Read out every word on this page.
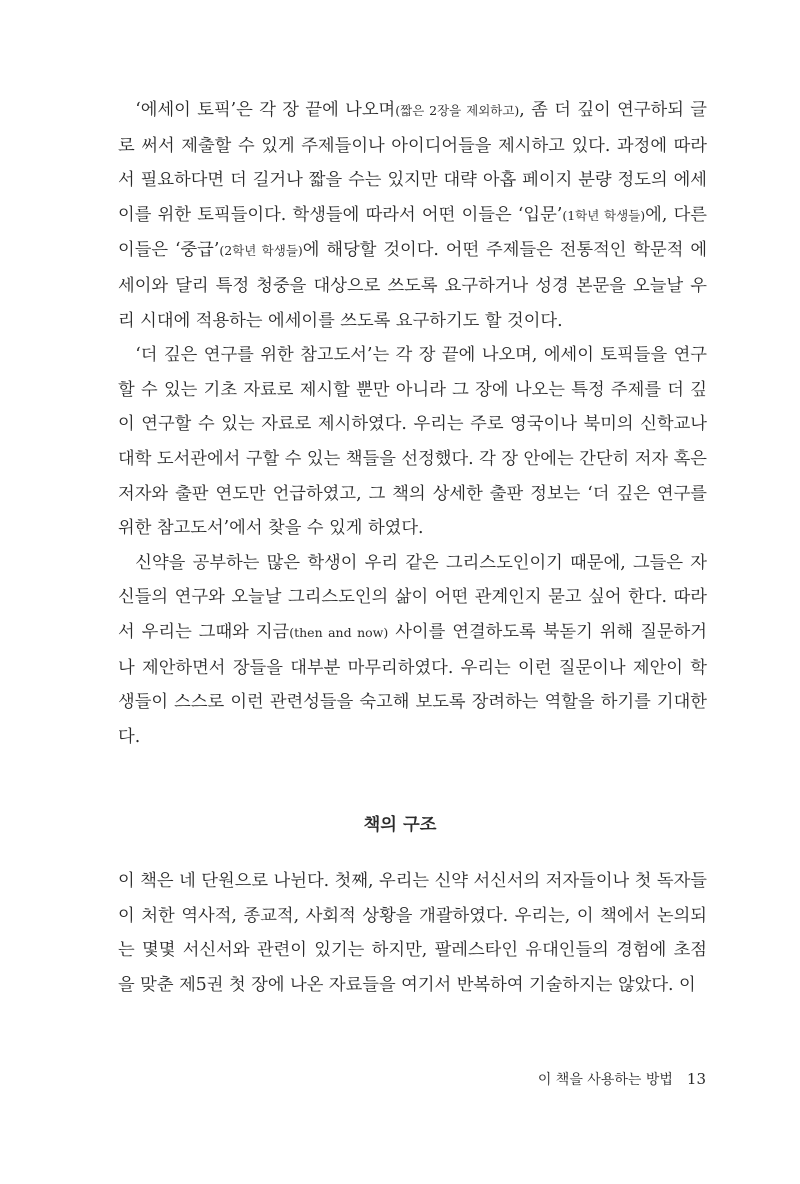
‘에세이 토픽’은 각 장 끝에 나오며(짧은 2장을 제외하고), 좀 더 깊이 연구하되 글로 써서 제출할 수 있게 주제들이나 아이디어들을 제시하고 있다. 과정에 따라서 필요하다면 더 길거나 짧을 수는 있지만 대략 아홉 페이지 분량 정도의 에세이를 위한 토픽들이다. 학생들에 따라서 어떤 이들은 ‘입문’(1학년 학생들)에, 다른 이들은 ‘중급’(2학년 학생들)에 해당할 것이다. 어떤 주제들은 전통적인 학문적 에세이와 달리 특정 청중을 대상으로 쓰도록 요구하거나 성경 본문을 오늘날 우리 시대에 적용하는 에세이를 쓰도록 요구하기도 할 것이다.

‘더 깊은 연구를 위한 참고도서’는 각 장 끝에 나오며, 에세이 토픽들을 연구할 수 있는 기초 자료로 제시할 뿐만 아니라 그 장에 나오는 특정 주제를 더 깊이 연구할 수 있는 자료로 제시하였다. 우리는 주로 영국이나 북미의 신학교나 대학 도서관에서 구할 수 있는 책들을 선정했다. 각 장 안에는 간단히 저자 혹은 저자와 출판 연도만 언급하였고, 그 책의 상세한 출판 정보는 ‘더 깊은 연구를 위한 참고도서’에서 찾을 수 있게 하였다.

신약을 공부하는 많은 학생이 우리 같은 그리스도인이기 때문에, 그들은 자신들의 연구와 오늘날 그리스도인의 삶이 어떤 관계인지 묻고 싶어 한다. 따라서 우리는 그때와 지금(then and now) 사이를 연결하도록 북돋기 위해 질문하거나 제안하면서 장들을 대부분 마무리하였다. 우리는 이런 질문이나 제안이 학생들이 스스로 이런 관련성들을 숙고해 보도록 장려하는 역할을 하기를 기대한다.

책의 구조

이 책은 네 단원으로 나뉜다. 첫째, 우리는 신약 서신서의 저자들이나 첫 독자들이 처한 역사적, 종교적, 사회적 상황을 개괄하였다. 우리는, 이 책에서 논의되는 몇몇 서신서와 관련이 있기는 하지만, 팔레스타인 유대인들의 경험에 초점을 맞춘 제5권 첫 장에 나온 자료들을 여기서 반복하여 기술하지는 않았다. 이

이 책을 사용하는 방법 13
